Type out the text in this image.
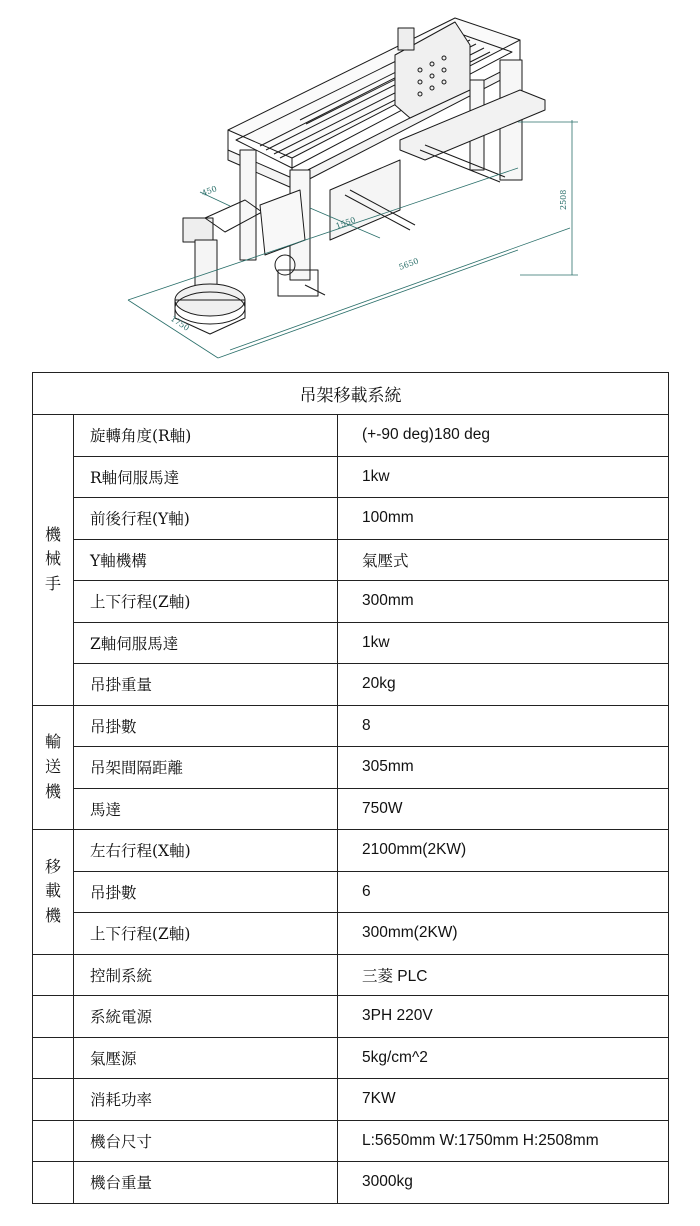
450
1550
5650
1750
2508
吊架移載系統		

機
械
手	旋轉角度(R軸)	(+-90 deg)180 deg
	R軸伺服馬達	1kw
	前後行程(Y軸)	100mm
	Y軸機構	氣壓式
	上下行程(Z軸)	300mm
	Z軸伺服馬達	1kw
	吊掛重量	20kg

輸
送
機	吊掛數	8
	吊架間隔距離	305mm
	馬達	750W

移
載
機	左右行程(X軸)	2100mm(2KW)
	吊掛數	6
	上下行程(Z軸)	300mm(2KW)
	控制系統	三菱 PLC
	系統電源	3PH 220V
	氣壓源	5kg/cm^2
	消耗功率	7KW
	機台尺寸	L:5650mm W:1750mm H:2508mm
	機台重量	3000kg
